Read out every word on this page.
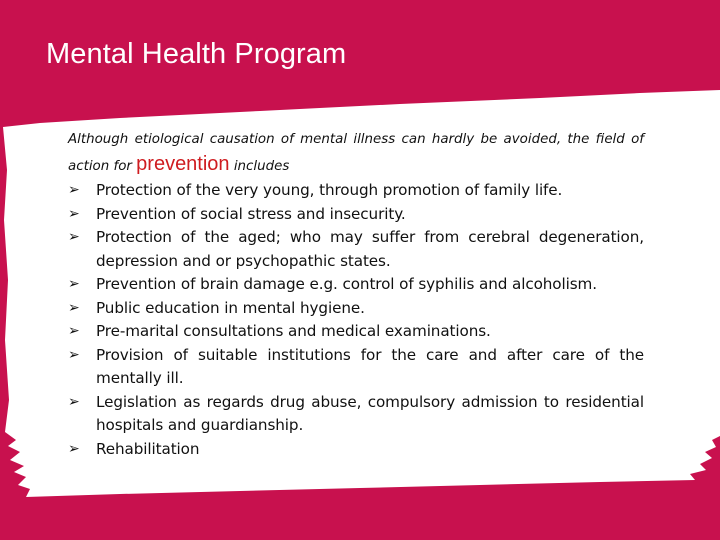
Mental Health Program
Although etiological causation of mental illness can hardly be avoided, the field of action for prevention includes
➢ Protection of the very young, through promotion of family life.
➢ Prevention of social stress and insecurity.
➢ Protection of the aged; who may suffer from cerebral degeneration, depression and or psychopathic states.
➢ Prevention of brain damage e.g. control of syphilis and alcoholism.
➢ Public education in mental hygiene.
➢ Pre-marital consultations and medical examinations.
➢ Provision of suitable institutions for the care and after care of the mentally ill.
➢ Legislation as regards drug abuse, compulsory admission to residential hospitals and guardianship.
➢ Rehabilitation
